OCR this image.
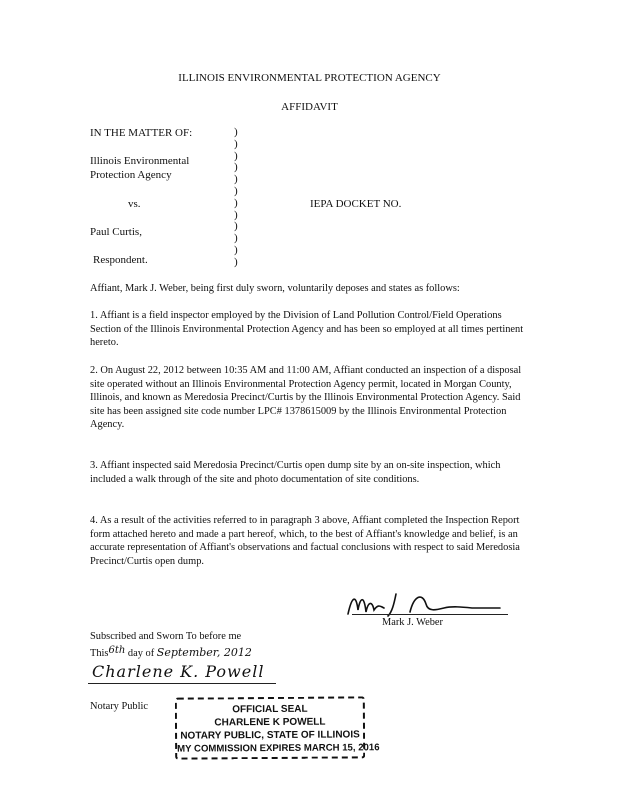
ILLINOIS ENVIRONMENTAL PROTECTION AGENCY
AFFIDAVIT
IN THE MATTER OF:
Illinois Environmental
Protection Agency
vs.
Paul Curtis,
Respondent.
IEPA DOCKET NO.
)
)
)
)
)
)
)
)
)
)
)
)
Affiant, Mark J. Weber, being first duly sworn, voluntarily deposes and states as follows:
1. Affiant is a field inspector employed by the Division of Land Pollution Control/Field Operations Section of the Illinois Environmental Protection Agency and has been so employed at all times pertinent hereto.
2. On August 22, 2012 between 10:35 AM and 11:00 AM, Affiant conducted an inspection of a disposal site operated without an Illinois Environmental Protection Agency permit, located in Morgan County, Illinois, and known as Meredosia Precinct/Curtis by the Illinois Environmental Protection Agency. Said site has been assigned site code number LPC# 1378615009 by the Illinois Environmental Protection Agency.
3. Affiant inspected said Meredosia Precinct/Curtis open dump site by an on-site inspection, which included a walk through of the site and photo documentation of site conditions.
4. As a result of the activities referred to in paragraph 3 above, Affiant completed the Inspection Report form attached hereto and made a part hereof, which, to the best of Affiant's knowledge and belief, is an accurate representation of Affiant's observations and factual conclusions with respect to said Meredosia Precinct/Curtis open dump.
Mark J. Weber
Mark J. Weber
Subscribed and Sworn To before me
This6th day of September, 2012
Charlene K. Powell
Notary Public	OFFICIAL SEAL
CHARLENE K POWELL
NOTARY PUBLIC, STATE OF ILLINOIS
MY COMMISSION EXPIRES MARCH 15, 2016
